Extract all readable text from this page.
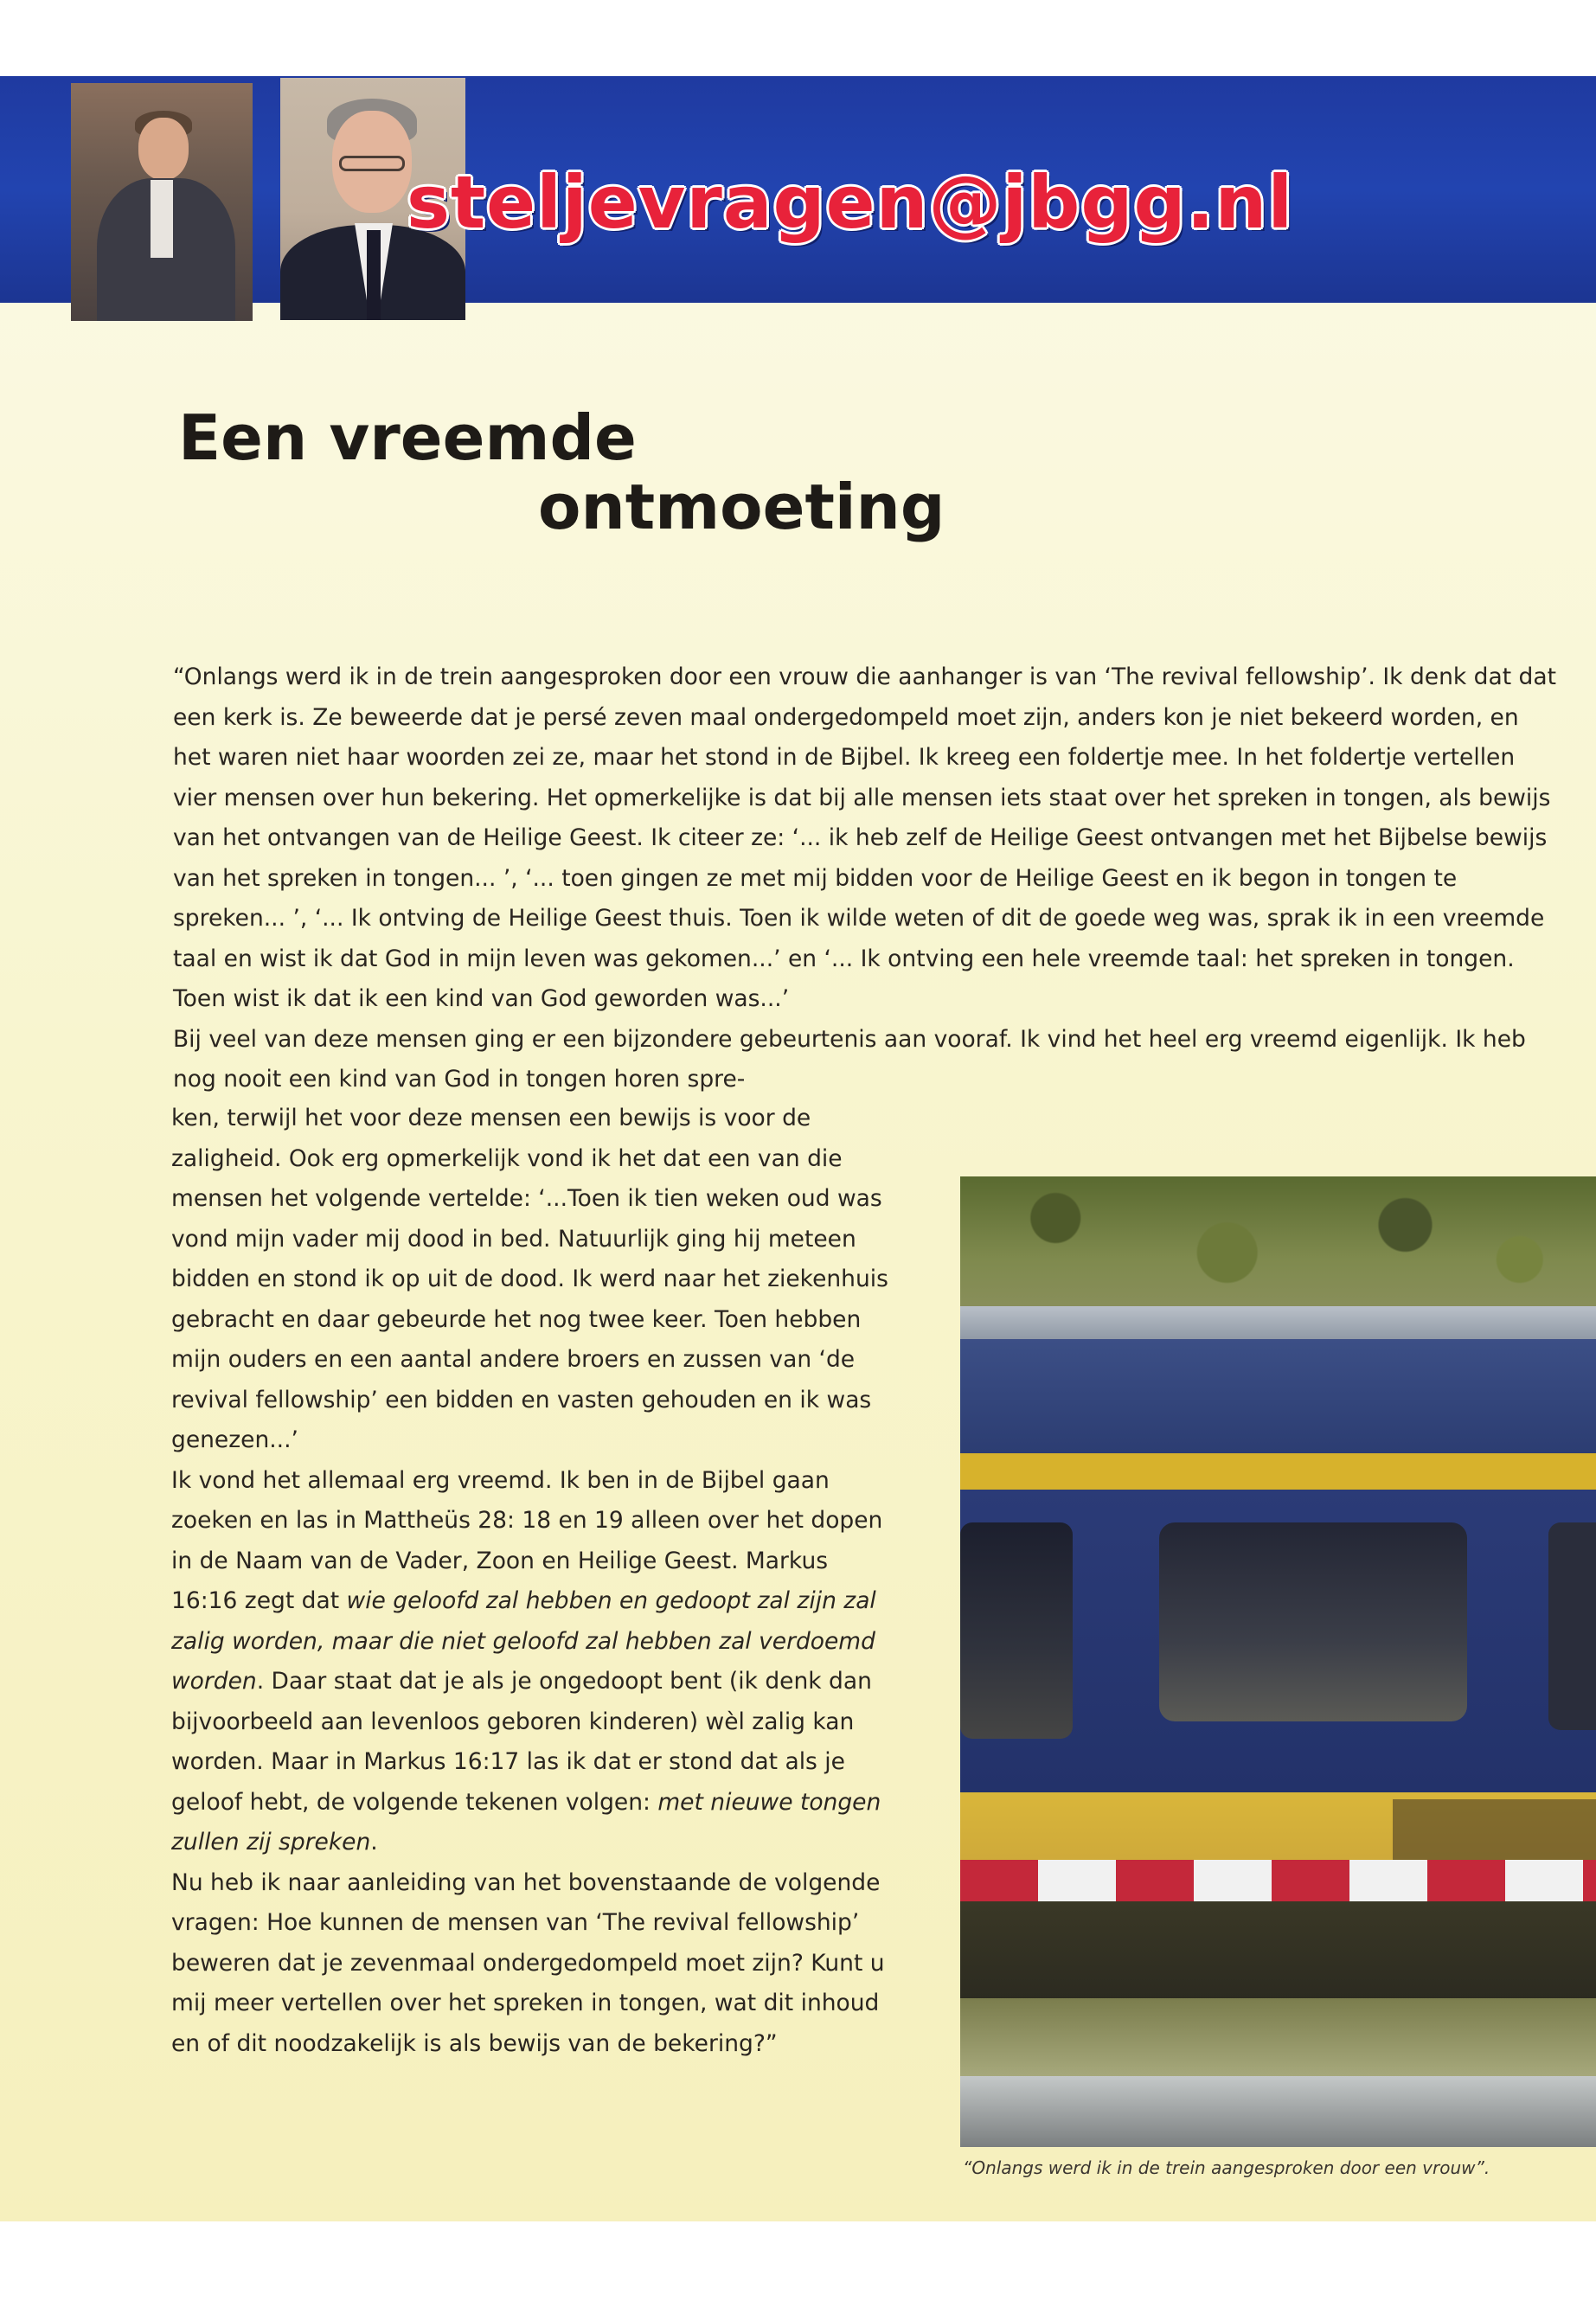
steljevragen@jbgg.nl
Een vreemde
ontmoeting

“Onlangs werd ik in de trein aangesproken door een vrouw die aanhanger is van ‘The revival fellowship’. Ik denk dat dat een kerk is. Ze beweerde dat je persé zeven maal ondergedompeld moet zijn, anders kon je niet bekeerd worden, en het waren niet haar woorden zei ze, maar het stond in de Bijbel. Ik kreeg een foldertje mee. In het foldertje vertellen vier mensen over hun bekering. Het opmerkelijke is dat bij alle mensen iets staat over het spreken in tongen, als bewijs van het ontvangen van de Heilige Geest. Ik citeer ze: ‘... ik heb zelf de Heilige Geest ontvangen met het Bijbelse bewijs van het spreken in tongen... ’, ‘... toen gingen ze met mij bidden voor de Heilige Geest en ik begon in tongen te spreken... ’, ‘... Ik ontving de Heilige Geest thuis. Toen ik wilde weten of dit de goede weg was, sprak ik in een vreemde taal en wist ik dat God in mijn leven was gekomen...’ en ‘... Ik ontving een hele vreemde taal: het spreken in tongen. Toen wist ik dat ik een kind van God geworden was...’

Bij veel van deze mensen ging er een bijzondere gebeurtenis aan vooraf. Ik vind het heel erg vreemd eigenlijk. Ik heb nog nooit een kind van God in tongen horen spre-

ken, terwijl het voor deze mensen een bewijs is voor de zaligheid. Ook erg opmerkelijk vond ik het dat een van die mensen het volgende vertelde: ‘...Toen ik tien weken oud was vond mijn vader mij dood in bed. Natuurlijk ging hij meteen bidden en stond ik op uit de dood. Ik werd naar het ziekenhuis gebracht en daar gebeurde het nog twee keer. Toen hebben mijn ouders en een aantal andere broers en zussen van ‘de revival fellowship’ een bidden en vasten gehouden en ik was genezen...’

Ik vond het allemaal erg vreemd. Ik ben in de Bijbel gaan zoeken en las in Mattheüs 28: 18 en 19 alleen over het dopen in de Naam van de Vader, Zoon en Heilige Geest. Markus 16:16 zegt dat wie geloofd zal hebben en gedoopt zal zijn zal zalig worden, maar die niet geloofd zal hebben zal verdoemd worden. Daar staat dat je als je ongedoopt bent (ik denk dan bijvoorbeeld aan levenloos geboren kinderen) wèl zalig kan worden. Maar in Markus 16:17 las ik dat er stond dat als je geloof hebt, de volgende tekenen volgen: met nieuwe tongen zullen zij spreken.

Nu heb ik naar aanleiding van het bovenstaande de volgende vragen: Hoe kunnen de mensen van ‘The revival fellowship’ beweren dat je zevenmaal ondergedompeld moet zijn? Kunt u mij meer vertellen over het spreken in tongen, wat dit inhoud en of dit noodzakelijk is als bewijs van de bekering?”

“Onlangs werd ik in de trein aangesproken door een vrouw”.
